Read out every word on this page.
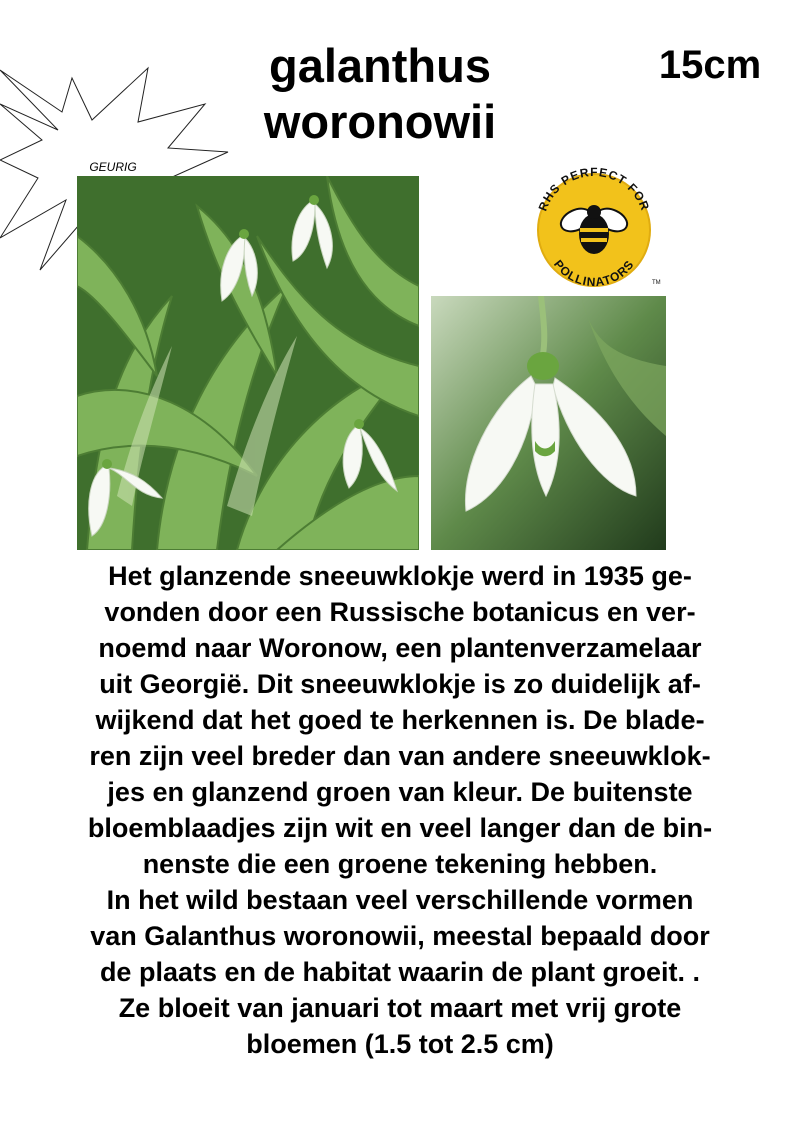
galanthus
woronowii
15cm
GEURIG
RHS PERFECT FOR
POLLINATORS
TM
Het glanzende sneeuwklokje werd in 1935 ge-
vonden door een Russische botanicus en ver-
noemd naar Woronow, een plantenverzamelaar
uit Georgië. Dit sneeuwklokje is zo duidelijk af-
wijkend dat het goed te herkennen is. De blade-
ren zijn veel breder dan van andere sneeuwklok-
jes en glanzend groen van kleur. De buitenste
bloemblaadjes zijn wit en veel langer dan de bin-
nenste die een groene tekening hebben.
In het wild bestaan veel verschillende vormen
van Galanthus woronowii, meestal bepaald door
de plaats en de habitat waarin de plant groeit. .
Ze bloeit van januari tot maart met vrij grote
bloemen (1.5 tot 2.5 cm)
